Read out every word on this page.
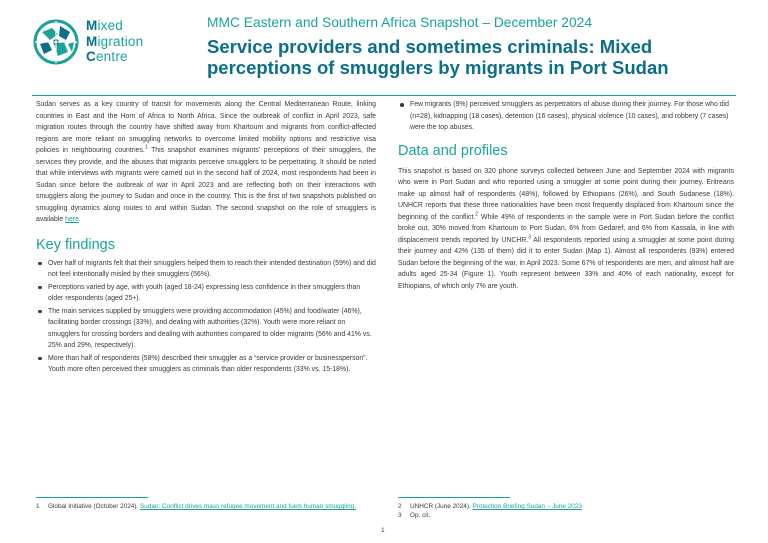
Mixed
Migration
Centre

MMC Eastern and Southern Africa Snapshot – December 2024

Service providers and sometimes criminals: Mixed perceptions of smugglers by migrants in Port Sudan

Sudan serves as a key country of transit for movements along the Central Mediterranean Route, linking countries in East and the Horn of Africa to North Africa. Since the outbreak of conflict in April 2023, safe migration routes through the country have shifted away from Khartoum and migrants from conflict-affected regions are more reliant on smuggling networks to overcome limited mobility options and restrictive visa policies in neighbouring countries.$^1$ This snapshot examines migrants' perceptions of their smugglers, the services they provide, and the abuses that migrants perceive smugglers to be perpetrating. It should be noted that while interviews with migrants were carried out in the second half of 2024, most respondents had been in Sudan since before the outbreak of war in April 2023 and are reflecting both on their interactions with smugglers along the journey to Sudan and once in the country. This is the first of two snapshots published on smuggling dynamics along routes to and within Sudan. The second snapshot on the role of smugglers is available here.

Key findings
Over half of migrants felt that their smugglers helped them to reach their intended destination (59%) and did not feel intentionally misled by their smugglers (56%).
Perceptions varied by age, with youth (aged 18-24) expressing less confidence in their smugglers than older respondents (aged 25+).
The main services supplied by smugglers were providing accommodation (45%) and food/water (46%), facilitating border crossings (33%), and dealing with authorities (32%). Youth were more reliant on smugglers for crossing borders and dealing with authorities compared to older migrants (56% and 41% vs. 25% and 29%, respectively).
More than half of respondents (58%) described their smuggler as a “service provider or businessperson”. Youth more often perceived their smugglers as criminals than older respondents (33% vs. 15-18%).
Few migrants (9%) perceived smugglers as perpetrators of abuse during their journey. For those who did (n=28), kidnapping (18 cases), detention (16 cases), physical violence (10 cases), and robbery (7 cases) were the top abuses.
Data and profiles

This snapshot is based on 320 phone surveys collected between June and September 2024 with migrants who were in Port Sudan and who reported using a smuggler at some point during their journey. Eritreans make up almost half of respondents (48%), followed by Ethiopians (26%), and South Sudanese (18%). UNHCR reports that these three nationalities have been most frequently displaced from Khartoum since the beginning of the conflict.$^2$ While 49% of respondents in the sample were in Port Sudan before the conflict broke out, 30% moved from Khartoum to Port Sudan, 6% from Gedaref, and 6% from Kassala, in line with displacement trends reported by UNCHR.$^3$ All respondents reported using a smuggler at some point during their journey and 42% (135 of them) did it to enter Sudan (Map 1). Almost all respondents (93%) entered Sudan before the beginning of the war, in April 2023. Some 67% of respondents are men, and almost half are adults aged 25-34 (Figure 1). Youth represent between 33% and 40% of each nationality, except for Ethiopians, of which only 7% are youth.

1 Global Initiative (October 2024). Sudan: Conflict drives mass refugee movement and fuels human smuggling.	2 UNHCR (June 2024). Protection Briefing Sudan – June 2023
3 Op. cit.
1
